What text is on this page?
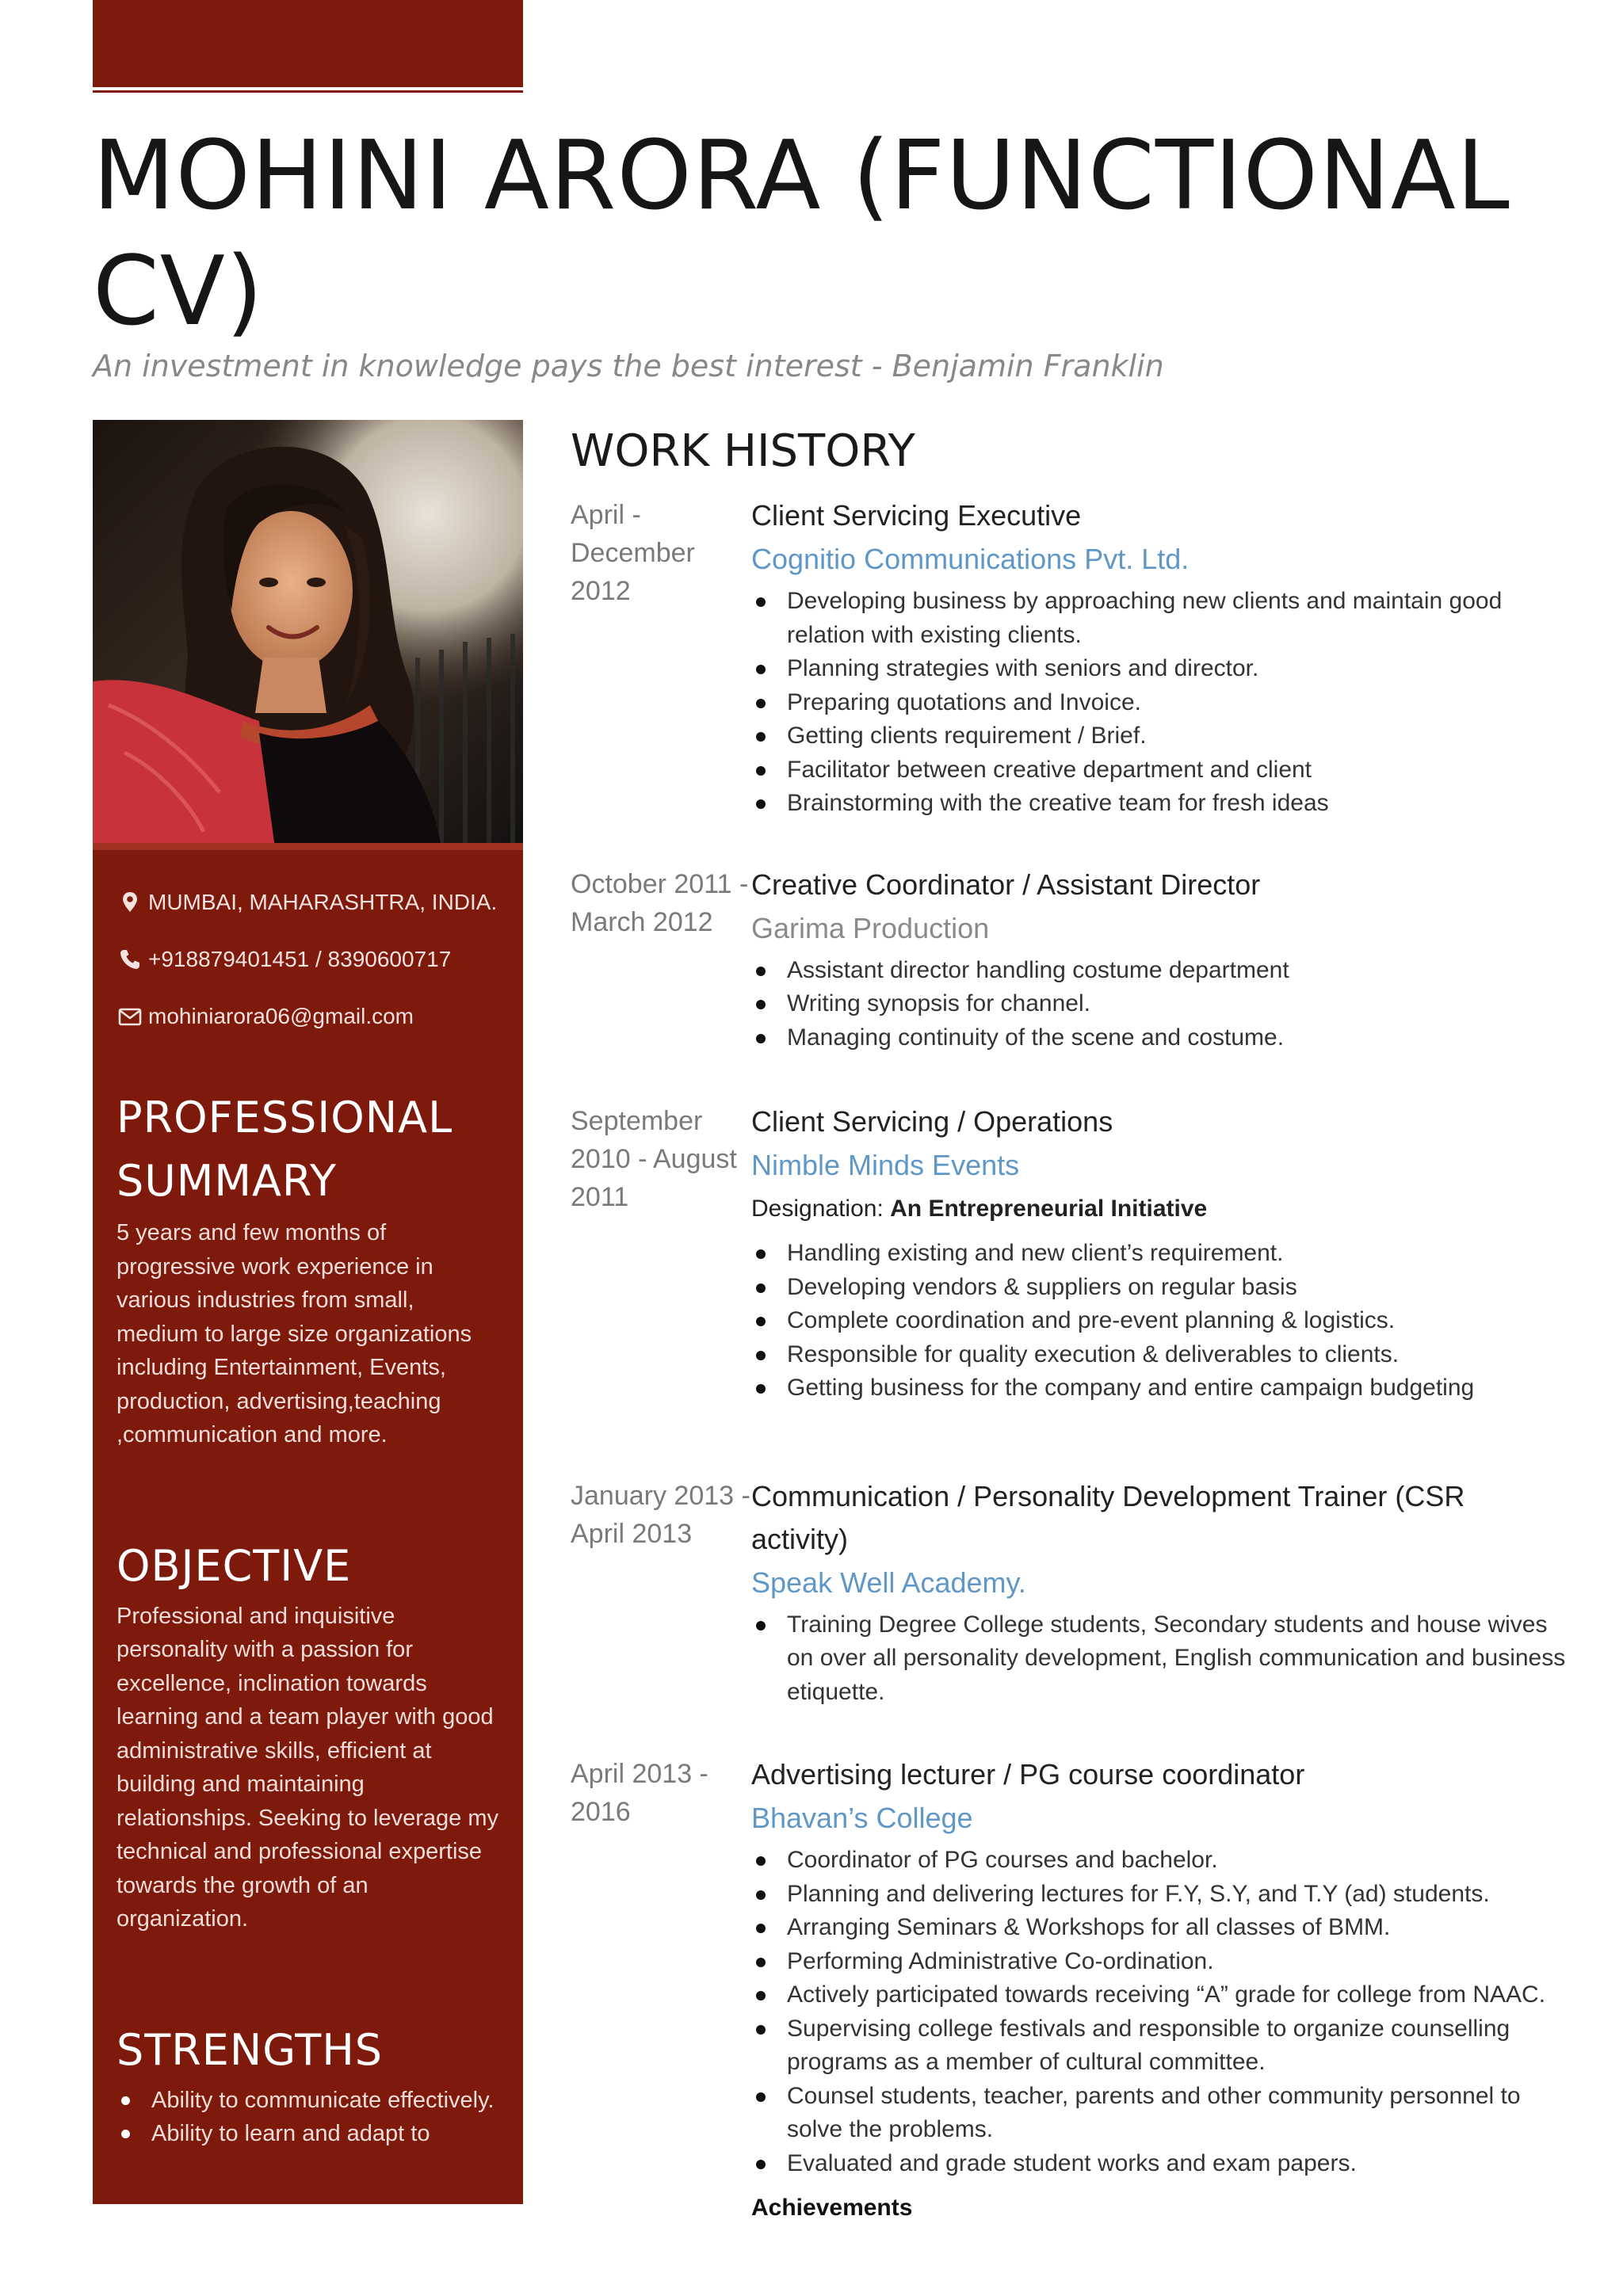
MOHINI ARORA (FUNCTIONAL CV)

An investment in knowledge pays the best interest - Benjamin Franklin

MUMBAI, MAHARASHTRA, INDIA.
+918879401451 / 8390600717
mohiniarora06@gmail.com
PROFESSIONAL SUMMARY

5 years and few months of progressive work experience in various industries from small, medium to large size organizations including Entertainment, Events, production, advertising,teaching ,communication and more.

OBJECTIVE

Professional and inquisitive personality with a passion for excellence, inclination towards learning and a team player with good administrative skills, efficient at building and maintaining relationships. Seeking to leverage my technical and professional expertise towards the growth of an organization.

STRENGTHS
Ability to communicate effectively.
Ability to learn and adapt to
WORK HISTORY
April - December 2012
Client Servicing Executive
Cognitio Communications Pvt. Ltd.
Developing business by approaching new clients and maintain good relation with existing clients.
Planning strategies with seniors and director.
Preparing quotations and Invoice.
Getting clients requirement / Brief.
Facilitator between creative department and client
Brainstorming with the creative team for fresh ideas
October 2011 - March 2012
Creative Coordinator / Assistant Director
Garima Production
Assistant director handling costume department
Writing synopsis for channel.
Managing continuity of the scene and costume.
September 2010 - August 2011
Client Servicing / Operations
Nimble Minds Events
Designation: An Entrepreneurial Initiative
Handling existing and new client’s requirement.
Developing vendors & suppliers on regular basis
Complete coordination and pre-event planning & logistics.
Responsible for quality execution & deliverables to clients.
Getting business for the company and entire campaign budgeting
January 2013 - April 2013
Communication / Personality Development Trainer (CSR activity)
Speak Well Academy.
Training Degree College students, Secondary students and house wives on over all personality development, English communication and business etiquette.
April 2013 - 2016
Advertising lecturer / PG course coordinator
Bhavan’s College
Coordinator of PG courses and bachelor.
Planning and delivering lectures for F.Y, S.Y, and T.Y (ad) students.
Arranging Seminars & Workshops for all classes of BMM.
Performing Administrative Co-ordination.
Actively participated towards receiving “A” grade for college from NAAC.
Supervising college festivals and responsible to organize counselling programs as a member of cultural committee.
Counsel students, teacher, parents and other community personnel to solve the problems.
Evaluated and grade student works and exam papers.
Achievements
